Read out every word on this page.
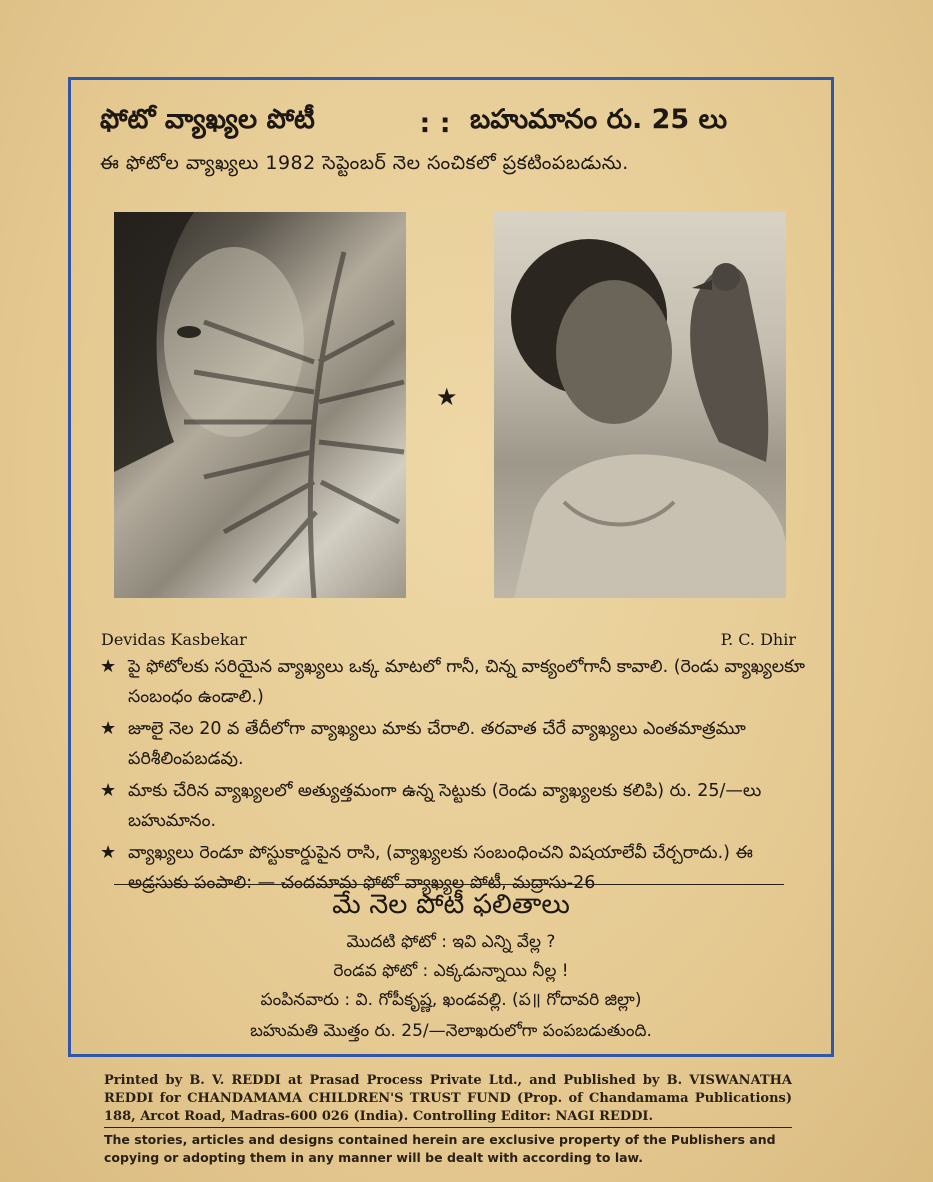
ఫోటో వ్యాఖ్యల పోటీ	: : బహుమానం రు. 25 లు
ఈ ఫోటోల వ్యాఖ్యలు 1982 సెప్టెంబర్ నెల సంచికలో ప్రకటింపబడును.
★
Devidas Kasbekar	P. C. Dhir
★ పై ఫోటోలకు సరియైన వ్యాఖ్యలు ఒక్క మాటలో గానీ, చిన్న వాక్యంలోగానీ కావాలి. (రెండు వ్యాఖ్యలకూ సంబంధం ఉండాలి.)
★ జూలై నెల 20 వ తేదీలోగా వ్యాఖ్యలు మాకు చేరాలి. తరవాత చేరే వ్యాఖ్యలు ఎంతమాత్రమూ పరిశీలింపబడవు.
★ మాకు చేరిన వ్యాఖ్యలలో అత్యుత్తమంగా ఉన్న సెట్టుకు (రెండు వ్యాఖ్యలకు కలిపి) రు. 25/—లు బహుమానం.
★ వ్యాఖ్యలు రెండూ పోస్టుకార్డుపైన రాసి, (వ్యాఖ్యలకు సంబంధించని విషయాలేవీ చేర్చరాదు.) ఈ అడ్రసుకు పంపాలి: — చందమామ ఫోటో వ్యాఖ్యల పోటీ, మద్రాసు-26
మే నెల పోటీ ఫలితాలు
మొదటి ఫోటో : ఇవి ఎన్ని వేల్ల ?
రెండవ ఫోటో : ఎక్కడున్నాయి నీల్ల !
పంపినవారు : వి. గోపీకృష్ణ, ఖండవల్లి. (ప॥ గోదావరి జిల్లా)
బహుమతి మొత్తం రు. 25/—నెలాఖరులోగా పంపబడుతుంది.
Printed by B. V. REDDI at Prasad Process Private Ltd., and Published by B. VISWANATHA REDDI for CHANDAMAMA CHILDREN'S TRUST FUND (Prop. of Chandamama Publications) 188, Arcot Road, Madras-600 026 (India). Controlling Editor: NAGI REDDI.
The stories, articles and designs contained herein are exclusive property of the Publishers and copying or adopting them in any manner will be dealt with according to law.
